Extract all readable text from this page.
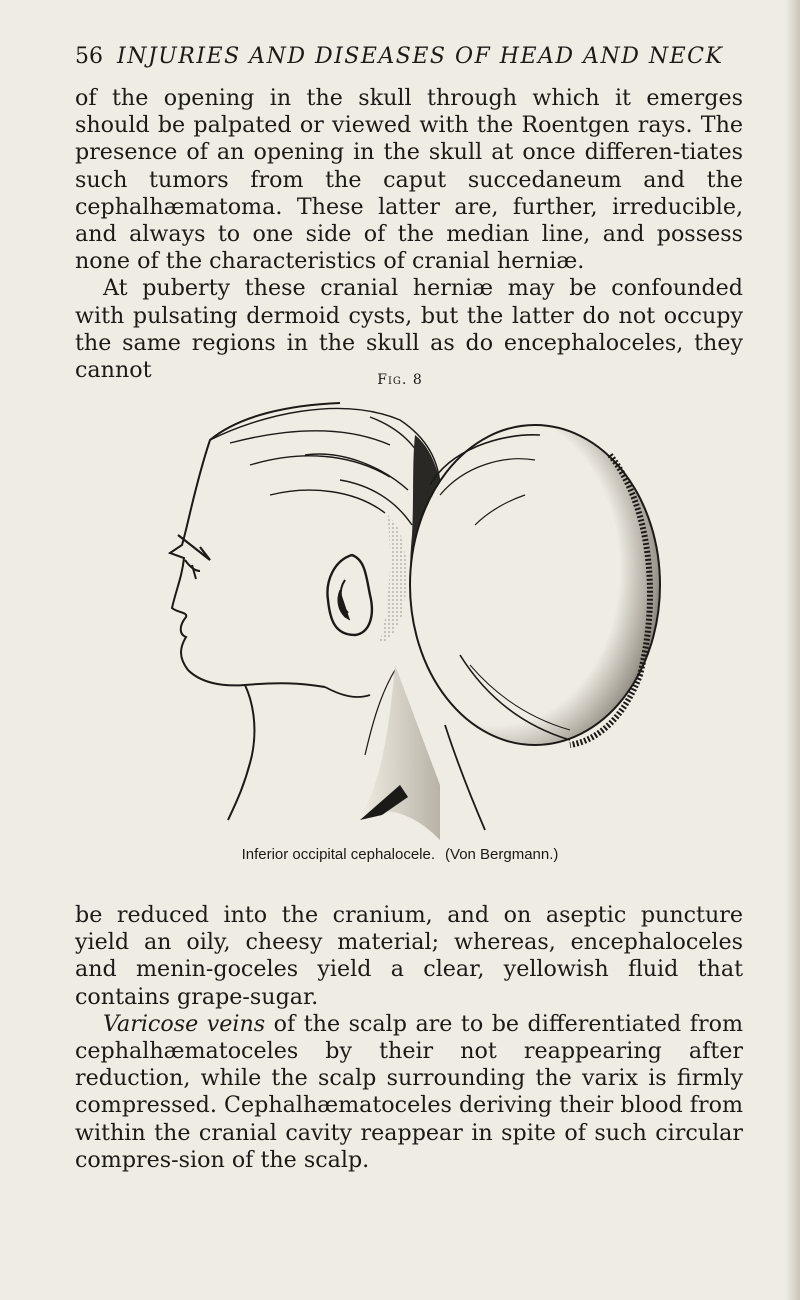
56 INJURIES AND DISEASES OF HEAD AND NECK

of the opening in the skull through which it emerges should be palpated or viewed with the Roentgen rays. The presence of an opening in the skull at once differen-tiates such tumors from the caput succedaneum and the cephalhæmatoma. These latter are, further, irreducible, and always to one side of the median line, and possess none of the characteristics of cranial herniæ.

At puberty these cranial herniæ may be confounded with pulsating dermoid cysts, but the latter do not occupy the same regions in the skull as do encephaloceles, they cannot	Fig. 8
Inferior occipital cephalocele. (Von Bergmann.)

be reduced into the cranium, and on aseptic puncture yield an oily, cheesy material; whereas, encephaloceles and menin-goceles yield a clear, yellowish fluid that contains grape-sugar.

Varicose veins of the scalp are to be differentiated from cephalhæmatoceles by their not reappearing after reduction, while the scalp surrounding the varix is firmly compressed. Cephalhæmatoceles deriving their blood from within the cranial cavity reappear in spite of such circular compres-sion of the scalp.
